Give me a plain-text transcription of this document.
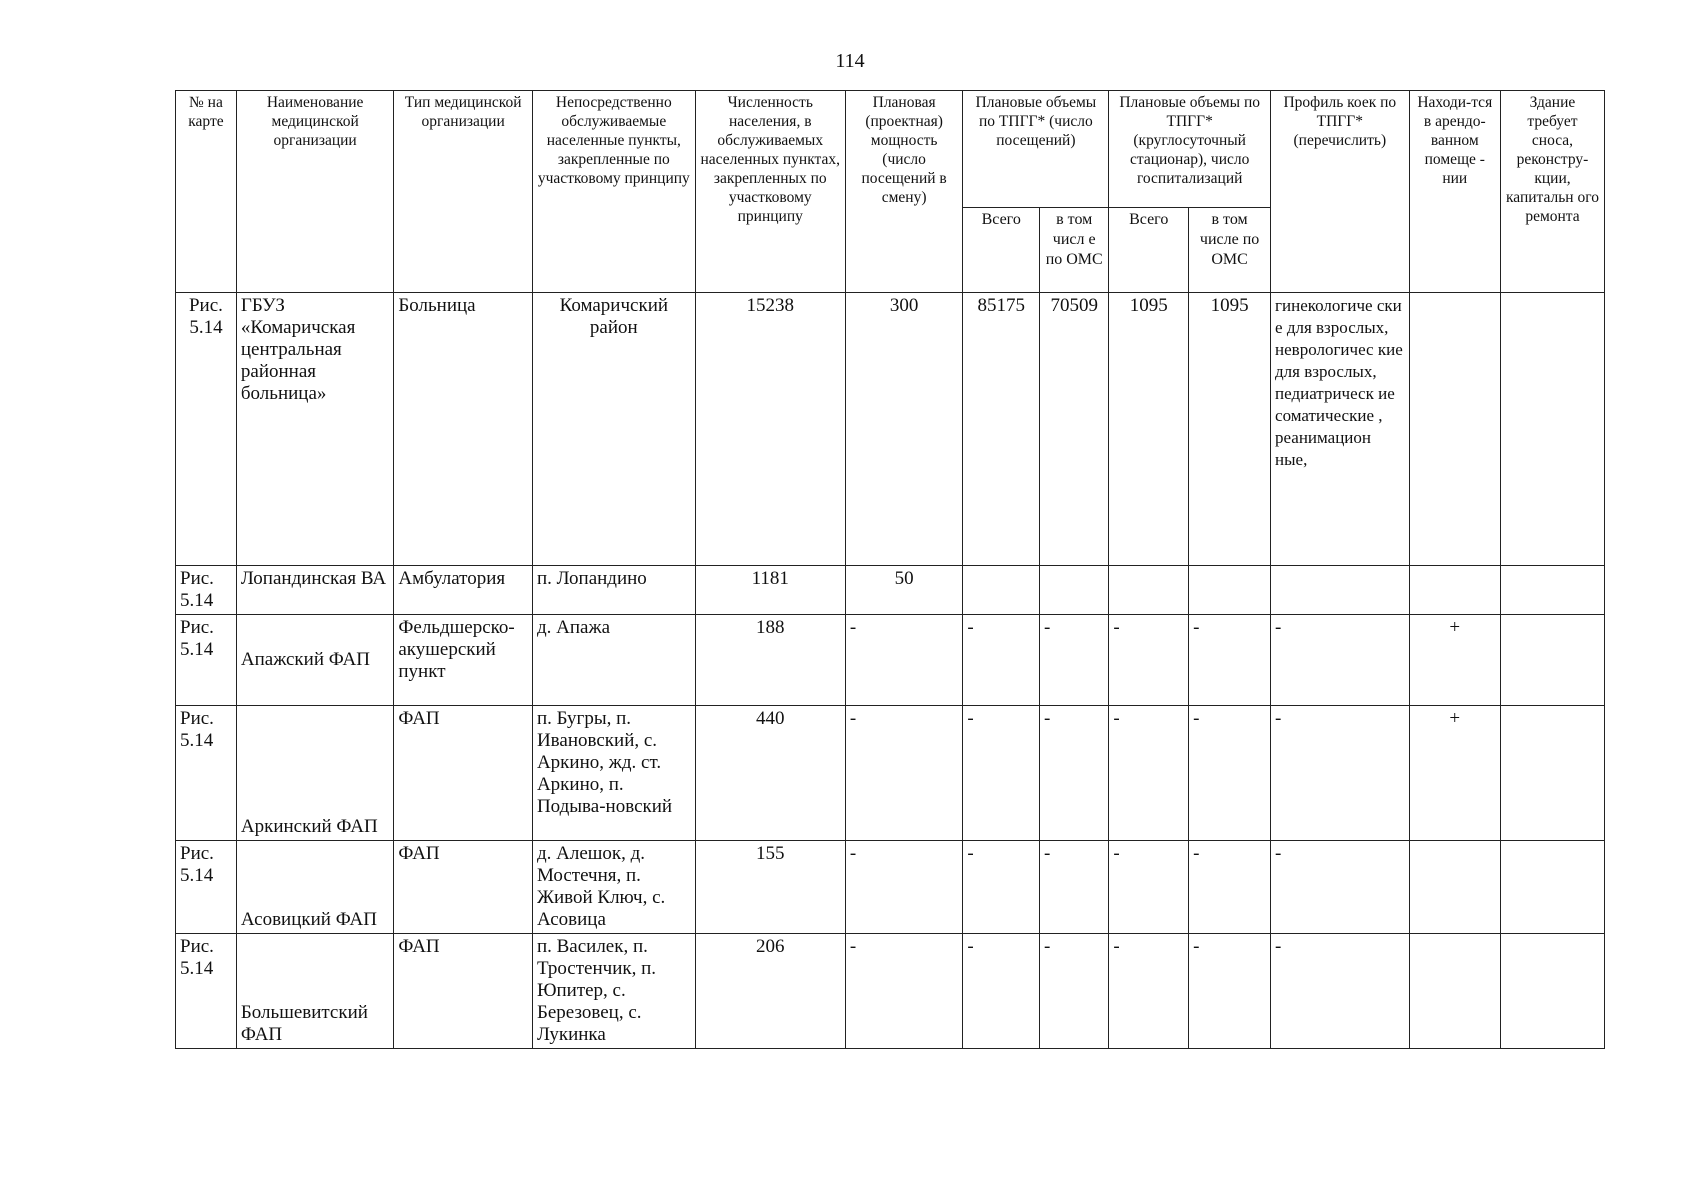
114
№ на карте	Наименование медицинской организации	Тип медицинской организации	Непосредственно обслуживаемые населенные пункты, закрепленные по участковому принципу	Численность населения, в обслуживаемых населенных пунктах, закрепленных по участковому принципу	Плановая (проектная) мощность (число посещений в смену)	Плановые объемы по ТПГГ* (число посещений)		Плановые объемы по ТПГГ* (круглосуточный стационар), число госпитализаций		Профиль коек по ТПГГ* (перечислить)	Находи-тся в арендо-ванном помеще - нии	Здание требует сноса, реконстру-кции, капитальн ого ремонта
						Всего	в том числ е по ОМС	Всего	в том числе по ОМС			
Рис. 5.14	ГБУЗ «Комаричская центральная районная больница»	Больница	Комаричский район	15238	300	85175	70509	1095	1095	гинекологиче ски е для взрослых, неврологичес кие для взрослых, педиатрическ ие соматические , реанимацион ные,		
Рис. 5.14	Лопандинская ВА	Амбулатория	п. Лопандино	1181	50							
Рис. 5.14	Апажский ФАП	Фельдшерско-акушерский пункт	д. Апажа	188	-	-	-	-	-	-	+	
Рис. 5.14	Аркинский ФАП	ФАП	п. Бугры, п. Ивановский, с. Аркино, жд. ст. Аркино, п. Подыва-новский	440	-	-	-	-	-	-	+	
Рис. 5.14	Асовицкий ФАП	ФАП	д. Алешок, д. Мостечня, п. Живой Ключ, с. Асовица	155	-	-	-	-	-	-		
Рис. 5.14	Большевитский ФАП	ФАП	п. Василек, п. Тростенчик, п. Юпитер, с. Березовец, с. Лукинка	206	-	-	-	-	-	-		
